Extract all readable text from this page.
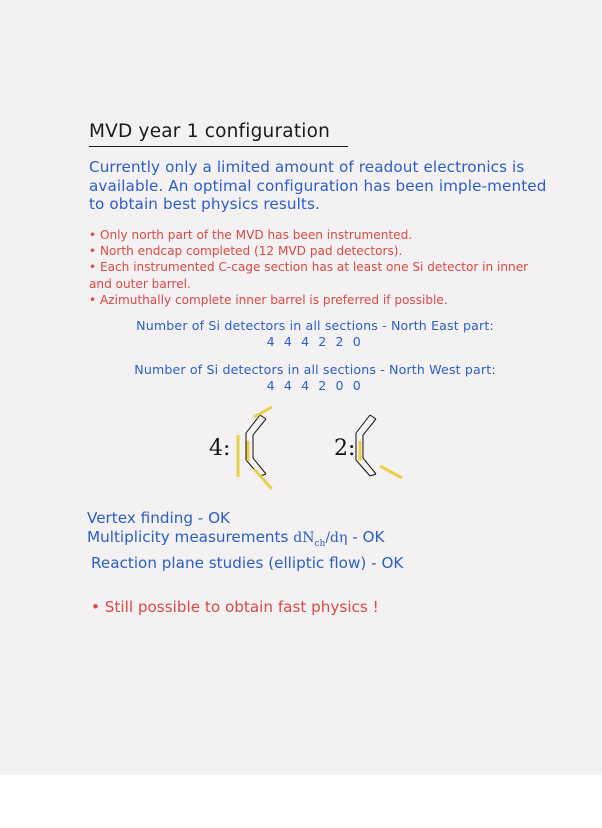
MVD year 1 configuration

Currently only a limited amount of readout electronics is available. An optimal configuration has been imple-mented to obtain best physics results.

• Only north part of the MVD has been instrumented.
• North endcap completed (12 MVD pad detectors).
• Each instrumented C-cage section has at least one Si detector in inner and outer barrel.
• Azimuthally complete inner barrel is preferred if possible.
Number of Si detectors in all sections - North East part:
4 4 4 2 2 0
Number of Si detectors in all sections - North West part:
4 4 4 2 0 0
4:	2:
Vertex finding - OK
Multiplicity measurements $dN_{ch}/d\eta$ - OK
Reaction plane studies (elliptic flow) - OK
• Still possible to obtain fast physics !
